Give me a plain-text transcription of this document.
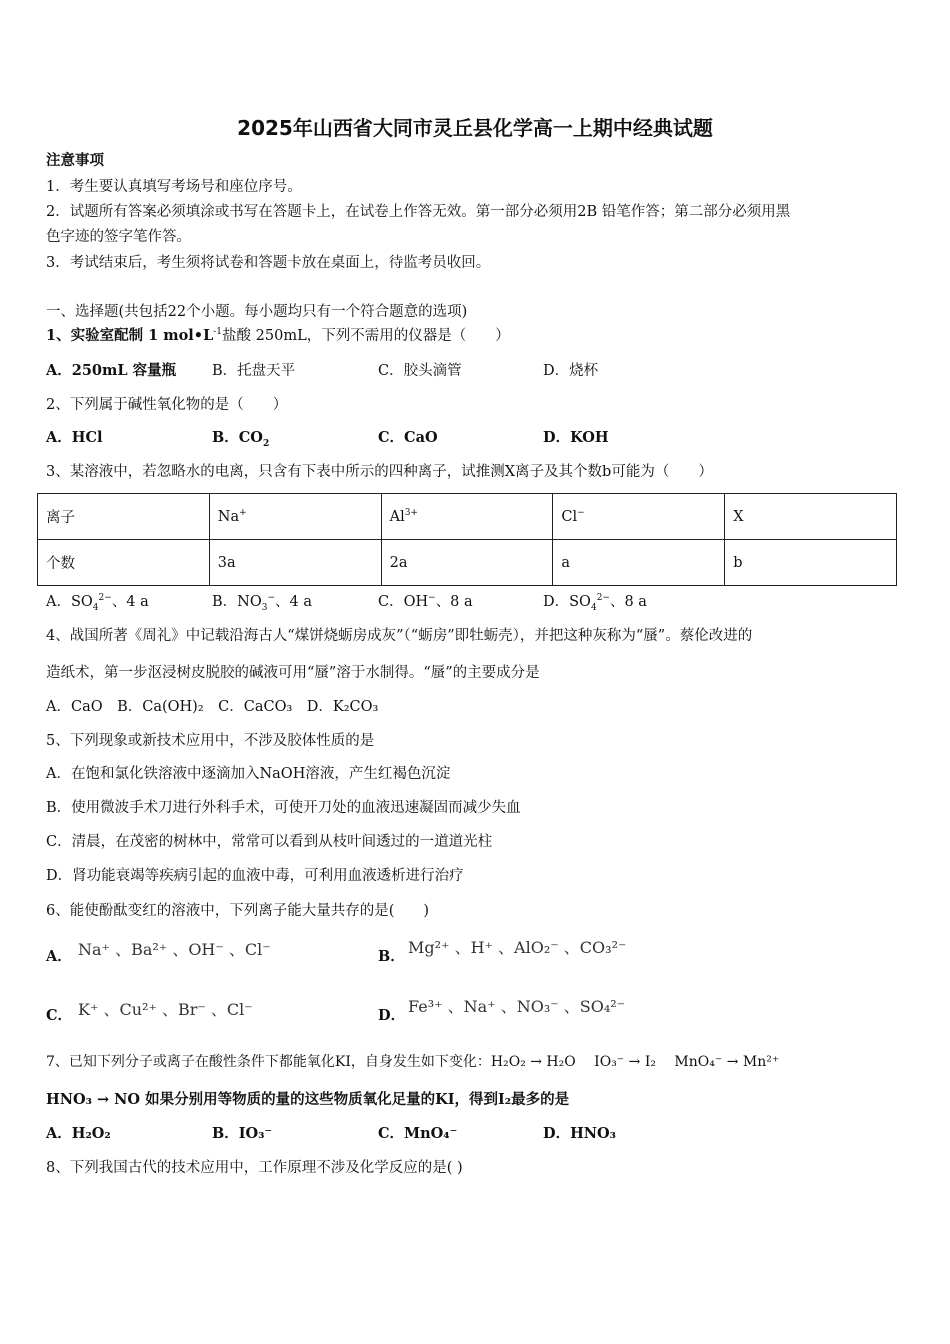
2025年山西省大同市灵丘县化学高一上期中经典试题
注意事项
1．考生要认真填写考场号和座位序号。
2．试题所有答案必须填涂或书写在答题卡上，在试卷上作答无效。第一部分必须用2B 铅笔作答；第二部分必须用黑
色字迹的签字笔作答。
3．考试结束后，考生须将试卷和答题卡放在桌面上，待监考员收回。
一、选择题(共包括22个小题。每小题均只有一个符合题意的选项)
1、实验室配制 1 $mol•L^{-1}$盐酸 250mL，下列不需用的仪器是（　　）
A．250mL 容量瓶 B．托盘天平	C．胶头滴管	D．烧杯
2、下列属于碱性氧化物的是（　　）
A．HCl	B．$CO_2$	C．CaO	D．KOH
3、某溶液中，若忽略水的电离，只含有下表中所示的四种离子，试推测X离子及其个数b可能为（　　）
离子	Na+	$Al^{3+}$	Cl−	X
个数	3a	2a	a	b
A．$SO_4^{2-}$、4 a	B．$NO_3^-$、4 a	C．OH−、8 a	D．$SO_4^{2-}$、8 a
4、战国所著《周礼》中记载沿海古人“煤饼烧蛎房成灰”（“蛎房”即牡蛎壳），并把这种灰称为“蜃”。蔡伦改进的
造纸术，第一步沤浸树皮脱胶的碱液可用“蜃”溶于水制得。“蜃”的主要成分是
A．CaO　B．Ca(OH)₂　C．CaCO₃　D．K₂CO₃
5、下列现象或新技术应用中，不涉及胶体性质的是
A．在饱和氯化铁溶液中逐滴加入NaOH溶液，产生红褐色沉淀
B．使用微波手术刀进行外科手术，可使开刀处的血液迅速凝固而减少失血
C．清晨，在茂密的树林中，常常可以看到从枝叶间透过的一道道光柱
D．肾功能衰竭等疾病引起的血液中毒，可利用血液透析进行治疗
6、能使酚酞变红的溶液中，下列离子能大量共存的是(　　)
A． Na⁺ 、Ba²⁺ 、OH⁻ 、Cl⁻	B． Mg²⁺ 、H⁺ 、AlO₂⁻ 、CO₃²⁻
C． K⁺ 、Cu²⁺ 、Br⁻ 、Cl⁻	D． Fe³⁺ 、Na⁺ 、NO₃⁻ 、SO₄²⁻
7、已知下列分子或离子在酸性条件下都能氧化KI，自身发生如下变化：H₂O₂ → H₂O　 IO₃⁻ → I₂　 MnO₄⁻ → Mn²⁺
HNO₃ → NO 如果分别用等物质的量的这些物质氧化足量的KI，得到I₂最多的是
A．H₂O₂	B．IO₃⁻	C．MnO₄⁻	D．HNO₃
8、下列我国古代的技术应用中，工作原理不涉及化学反应的是( )
